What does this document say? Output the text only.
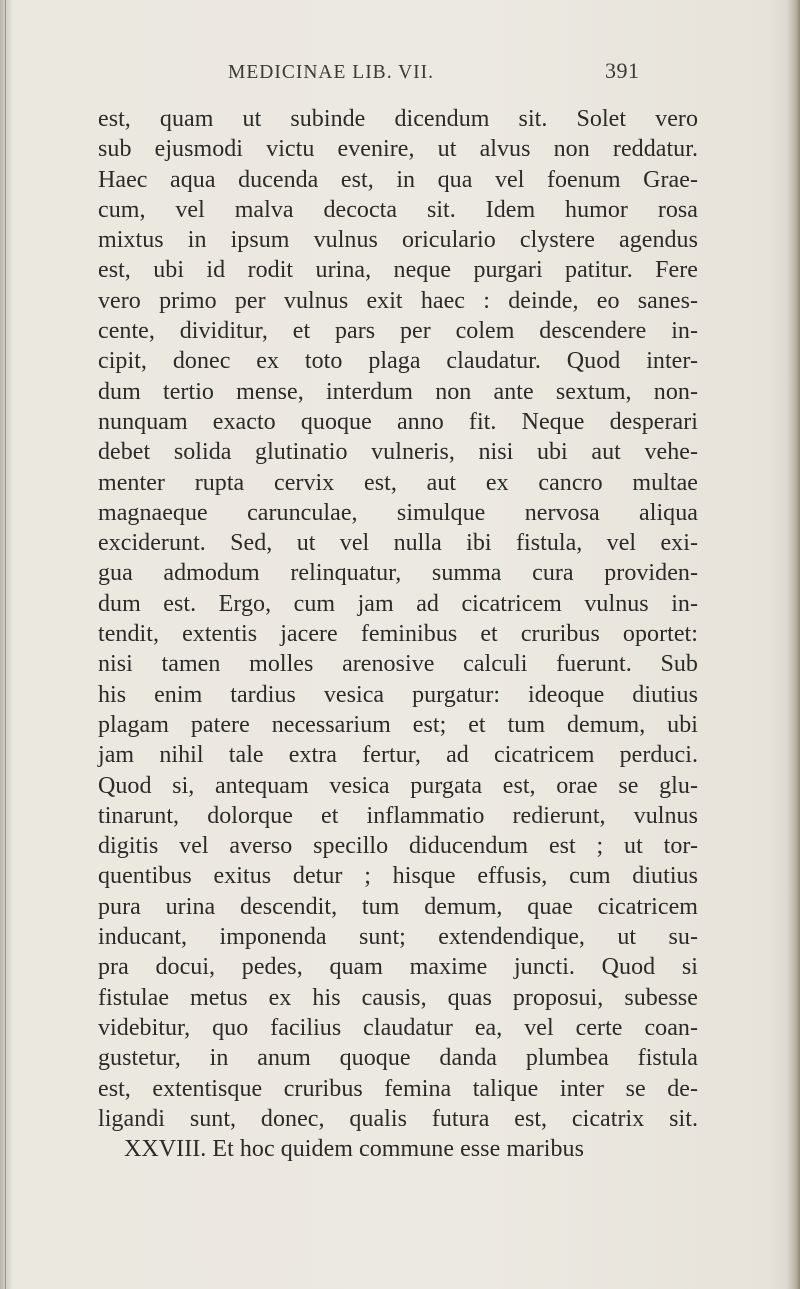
MEDICINAE LIB. VII.	391
est, quam ut subinde dicendum sit. Solet vero
sub ejusmodi victu evenire, ut alvus non reddatur.
Haec aqua ducenda est, in qua vel foenum Grae-
cum, vel malva decocta sit. Idem humor rosa
mixtus in ipsum vulnus oriculario clystere agendus
est, ubi id rodit urina, neque purgari patitur. Fere
vero primo per vulnus exit haec : deinde, eo sanes-
cente, dividitur, et pars per colem descendere in-
cipit, donec ex toto plaga claudatur. Quod inter-
dum tertio mense, interdum non ante sextum, non-
nunquam exacto quoque anno fit. Neque desperari
debet solida glutinatio vulneris, nisi ubi aut vehe-
menter rupta cervix est, aut ex cancro multae
magnaeque carunculae, simulque nervosa aliqua
exciderunt. Sed, ut vel nulla ibi fistula, vel exi-
gua admodum relinquatur, summa cura providen-
dum est. Ergo, cum jam ad cicatricem vulnus in-
tendit, extentis jacere feminibus et cruribus oportet:
nisi tamen molles arenosive calculi fuerunt. Sub
his enim tardius vesica purgatur: ideoque diutius
plagam patere necessarium est; et tum demum, ubi
jam nihil tale extra fertur, ad cicatricem perduci.
Quod si, antequam vesica purgata est, orae se glu-
tinarunt, dolorque et inflammatio redierunt, vulnus
digitis vel averso specillo diducendum est ; ut tor-
quentibus exitus detur ; hisque effusis, cum diutius
pura urina descendit, tum demum, quae cicatricem
inducant, imponenda sunt; extendendique, ut su-
pra docui, pedes, quam maxime juncti. Quod si
fistulae metus ex his causis, quas proposui, subesse
videbitur, quo facilius claudatur ea, vel certe coan-
gustetur, in anum quoque danda plumbea fistula
est, extentisque cruribus femina talique inter se de-
ligandi sunt, donec, qualis futura est, cicatrix sit.
XXVIII. Et hoc quidem commune esse maribus
